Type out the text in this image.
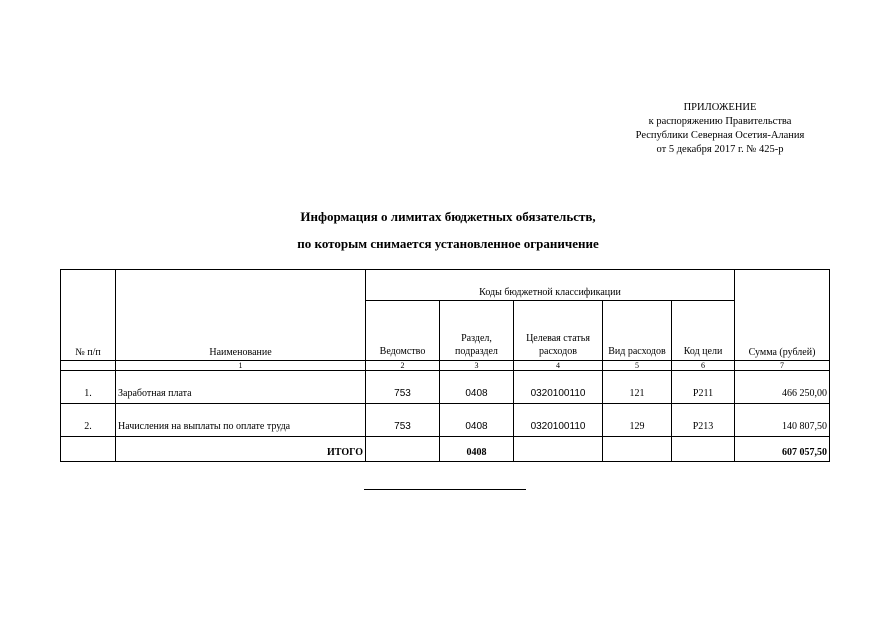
ПРИЛОЖЕНИЕ
к распоряжению Правительства
Республики Северная Осетия-Алания
от 5 декабря 2017 г. № 425-р
Информация о лимитах бюджетных обязательств,
по которым снимается установленное ограничение
№ п/п	Наименование	Коды бюджетной классификации					Сумма (рублей)
		Ведомство	Раздел, подраздел	Целевая статья расходов	Вид расходов	Код цели	
	1	2	3	4	5	6	7
1.	Заработная плата	753	0408	0320100110	121	Р211	466 250,00
2.	Начисления на выплаты по оплате труда	753	0408	0320100110	129	Р213	140 807,50
	ИТОГО		0408				607 057,50
